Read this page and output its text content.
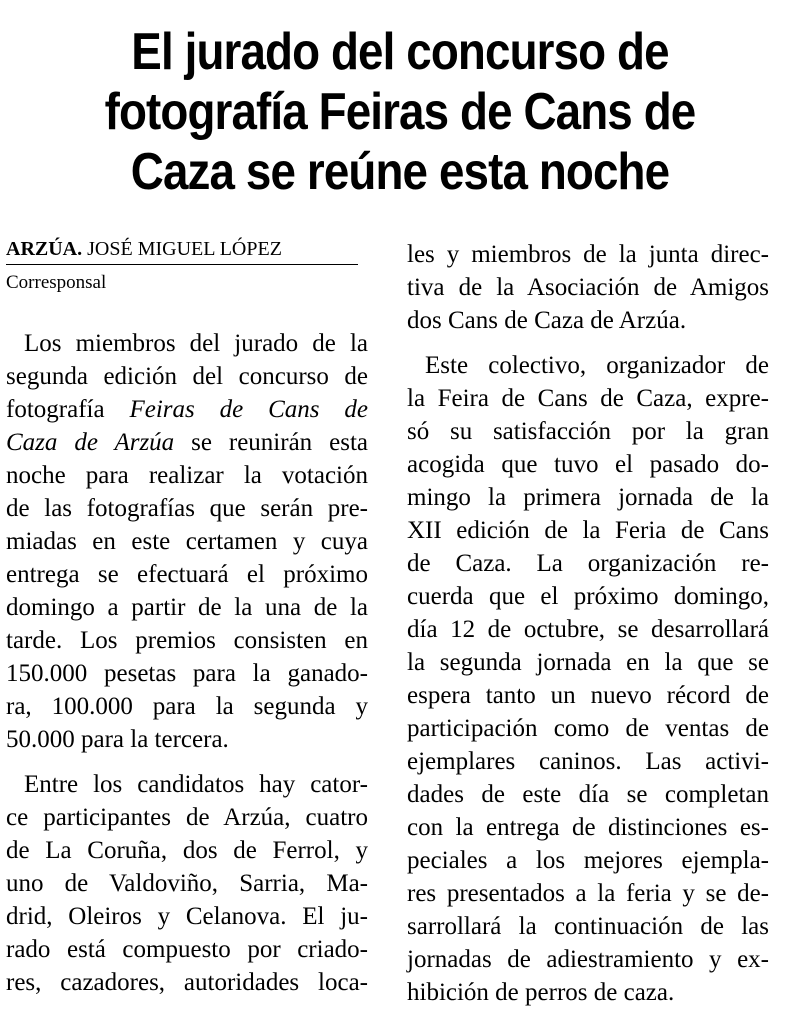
El jurado del concurso de
fotografía Feiras de Cans de
Caza se reúne esta noche
ARZÚA. JOSÉ MIGUEL LÓPEZ
Corresponsal
Los miembros del jurado de la
segunda edición del concurso de
fotografía Feiras de Cans de
Caza de Arzúa se reunirán esta
noche para realizar la votación
de las fotografías que serán pre-
miadas en este certamen y cuya
entrega se efectuará el próximo
domingo a partir de la una de la
tarde. Los premios consisten en
150.000 pesetas para la ganado-
ra, 100.000 para la segunda y
50.000 para la tercera.
Entre los candidatos hay cator-
ce participantes de Arzúa, cuatro
de La Coruña, dos de Ferrol, y
uno de Valdoviño, Sarria, Ma-
drid, Oleiros y Celanova. El ju-
rado está compuesto por criado-
res, cazadores, autoridades loca-
les y miembros de la junta direc-
tiva de la Asociación de Amigos
dos Cans de Caza de Arzúa.
Este colectivo, organizador de
la Feira de Cans de Caza, expre-
só su satisfacción por la gran
acogida que tuvo el pasado do-
mingo la primera jornada de la
XII edición de la Feria de Cans
de Caza. La organización re-
cuerda que el próximo domingo,
día 12 de octubre, se desarrollará
la segunda jornada en la que se
espera tanto un nuevo récord de
participación como de ventas de
ejemplares caninos. Las activi-
dades de este día se completan
con la entrega de distinciones es-
peciales a los mejores ejempla-
res presentados a la feria y se de-
sarrollará la continuación de las
jornadas de adiestramiento y ex-
hibición de perros de caza.
